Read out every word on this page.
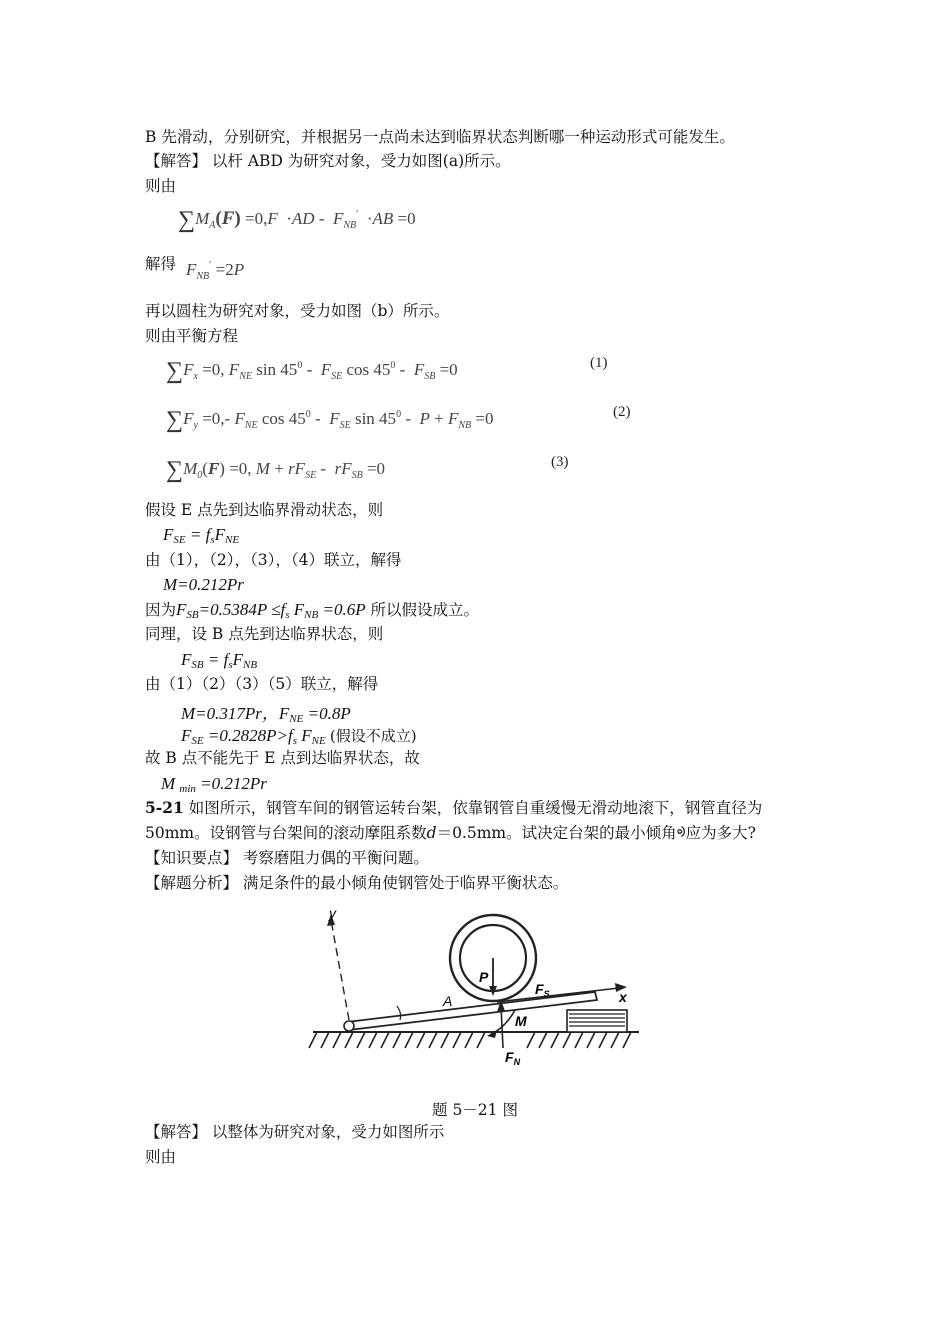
B 先滑动，分别研究，并根据另一点尚未达到临界状态判断哪一种运动形式可能发生。
【解答】 以杆 ABD 为研究对象，受力如图(a)所示。
则由
$\sum M_A(F) =0,F \cdot AD - F_{NB}' \cdot AB =0$
解得 $F_{NB}' =2P$
再以圆柱为研究对象，受力如图（b）所示。
则由平衡方程
$\sum F_x =0$, $F_{NE}$ $\sin 45^0 - F_{SE}$ $\cos 45^0 - F_{SB} =0$	(1)
$\sum F_y =0,-$ $F_{NE}$ $\cos 45^0 - F_{SE}$ $\sin 45^0 - P + F_{NB} =0$	(2)
$\sum M_0(F) =0$, $M + rF_{SE} - rF_{SB} =0$	(3)
假设 E 点先到达临界滑动状态，则
FSE = fsFNE
由（1），（2），（3），（4）联立，解得
M=0.212Pr
因为FSB=0.5384P ≤fs FNB =0.6P 所以假设成立。
同理，设 B 点先到达临界状态，则
FSB = fsFNB
由（1）（2）（3）（5）联立，解得
M=0.317Pr，FNE =0.8P
FSE =0.2828P>fs FNE (假设不成立)
故 B 点不能先于 E 点到达临界状态，故
M min =0.212Pr
5-21 如图所示，钢管车间的钢管运转台架，依靠钢管自重缓慢无滑动地滚下，钢管直径为
50mm。设钢管与台架间的滚动摩阻系数d＝0.5mm。试决定台架的最小倾角ᢀ应为多大?
【知识要点】 考察磨阻力偶的平衡问题。
【解题分析】 满足条件的最小倾角使钢管处于临界平衡状态。
y
P
A	x
$F_S$
M
$F_N$
题 5－21 图
【解答】 以整体为研究对象，受力如图所示
则由
